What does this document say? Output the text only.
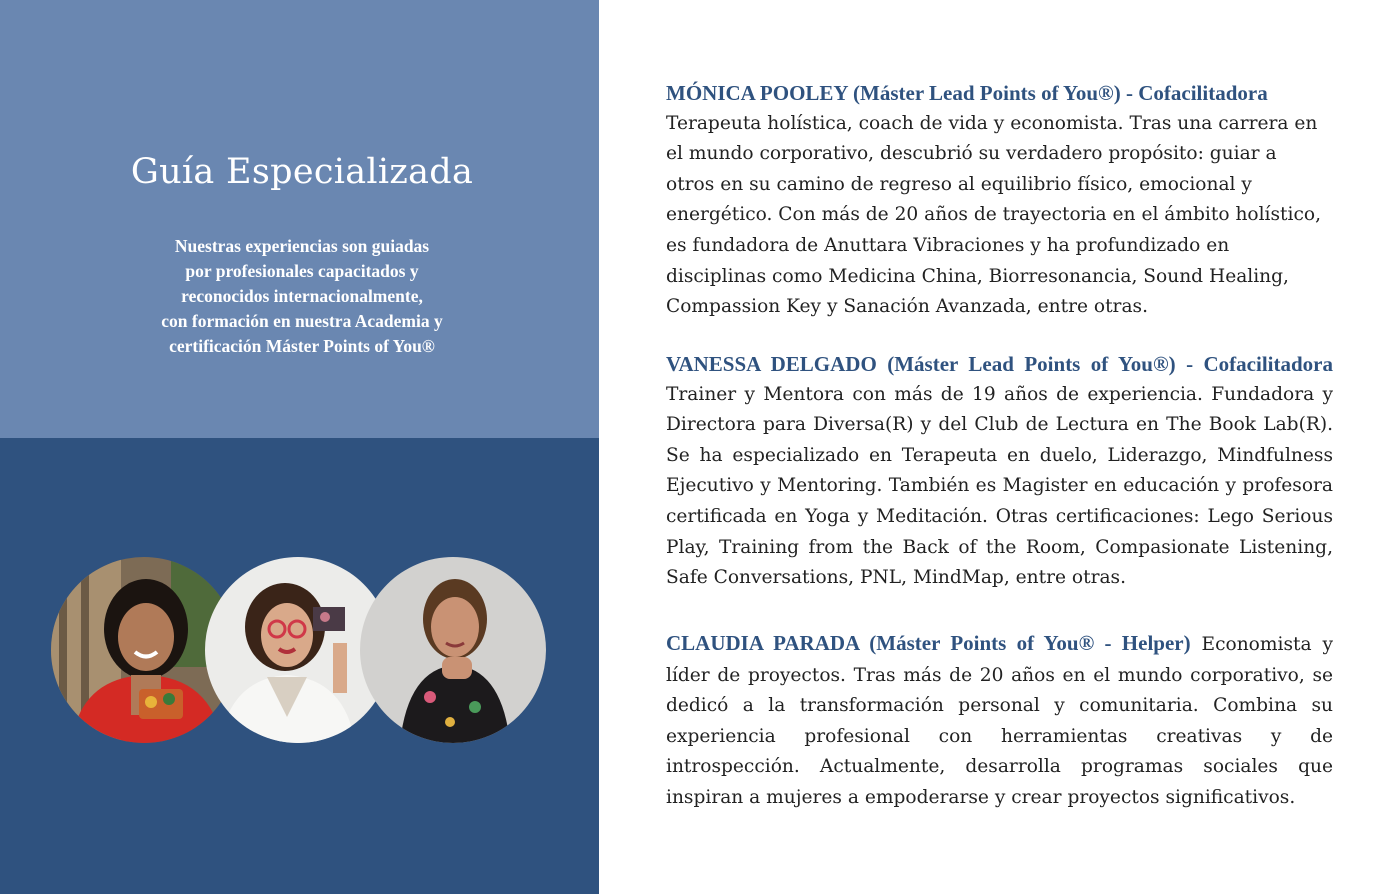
Guía Especializada

Nuestras experiencias son guiadas
por profesionales capacitados y
reconocidos internacionalmente,
con formación en nuestra Academia y
certificación Máster Points of You®

MÓNICA POOLEY (Máster Lead Points of You®) - Cofacilitadora
Terapeuta holística, coach de vida y economista. Tras una carrera en
el mundo corporativo, descubrió su verdadero propósito: guiar a
otros en su camino de regreso al equilibrio físico, emocional y
energético. Con más de 20 años de trayectoria en el ámbito holístico,
es fundadora de Anuttara Vibraciones y ha profundizado en
disciplinas como Medicina China, Biorresonancia, Sound Healing,
Compassion Key y Sanación Avanzada, entre otras.

VANESSA DELGADO (Máster Lead Points of You®) - Cofacilitadora
Trainer y Mentora con más de 19 años de experiencia. Fundadora y
Directora para Diversa(R) y del Club de Lectura en The Book Lab(R).
Se ha especializado en Terapeuta en duelo, Liderazgo, Mindfulness
Ejecutivo y Mentoring. También es Magister en educación y profesora
certificada en Yoga y Meditación. Otras certificaciones: Lego Serious
Play, Training from the Back of the Room, Compasionate Listening,
Safe Conversations, PNL, MindMap, entre otras.

CLAUDIA PARADA (Máster Points of You® - Helper) Economista y
líder de proyectos. Tras más de 20 años en el mundo corporativo, se
dedicó a la transformación personal y comunitaria. Combina su
experiencia profesional con herramientas creativas y de
introspección. Actualmente, desarrolla programas sociales que
inspiran a mujeres a empoderarse y crear proyectos significativos.
